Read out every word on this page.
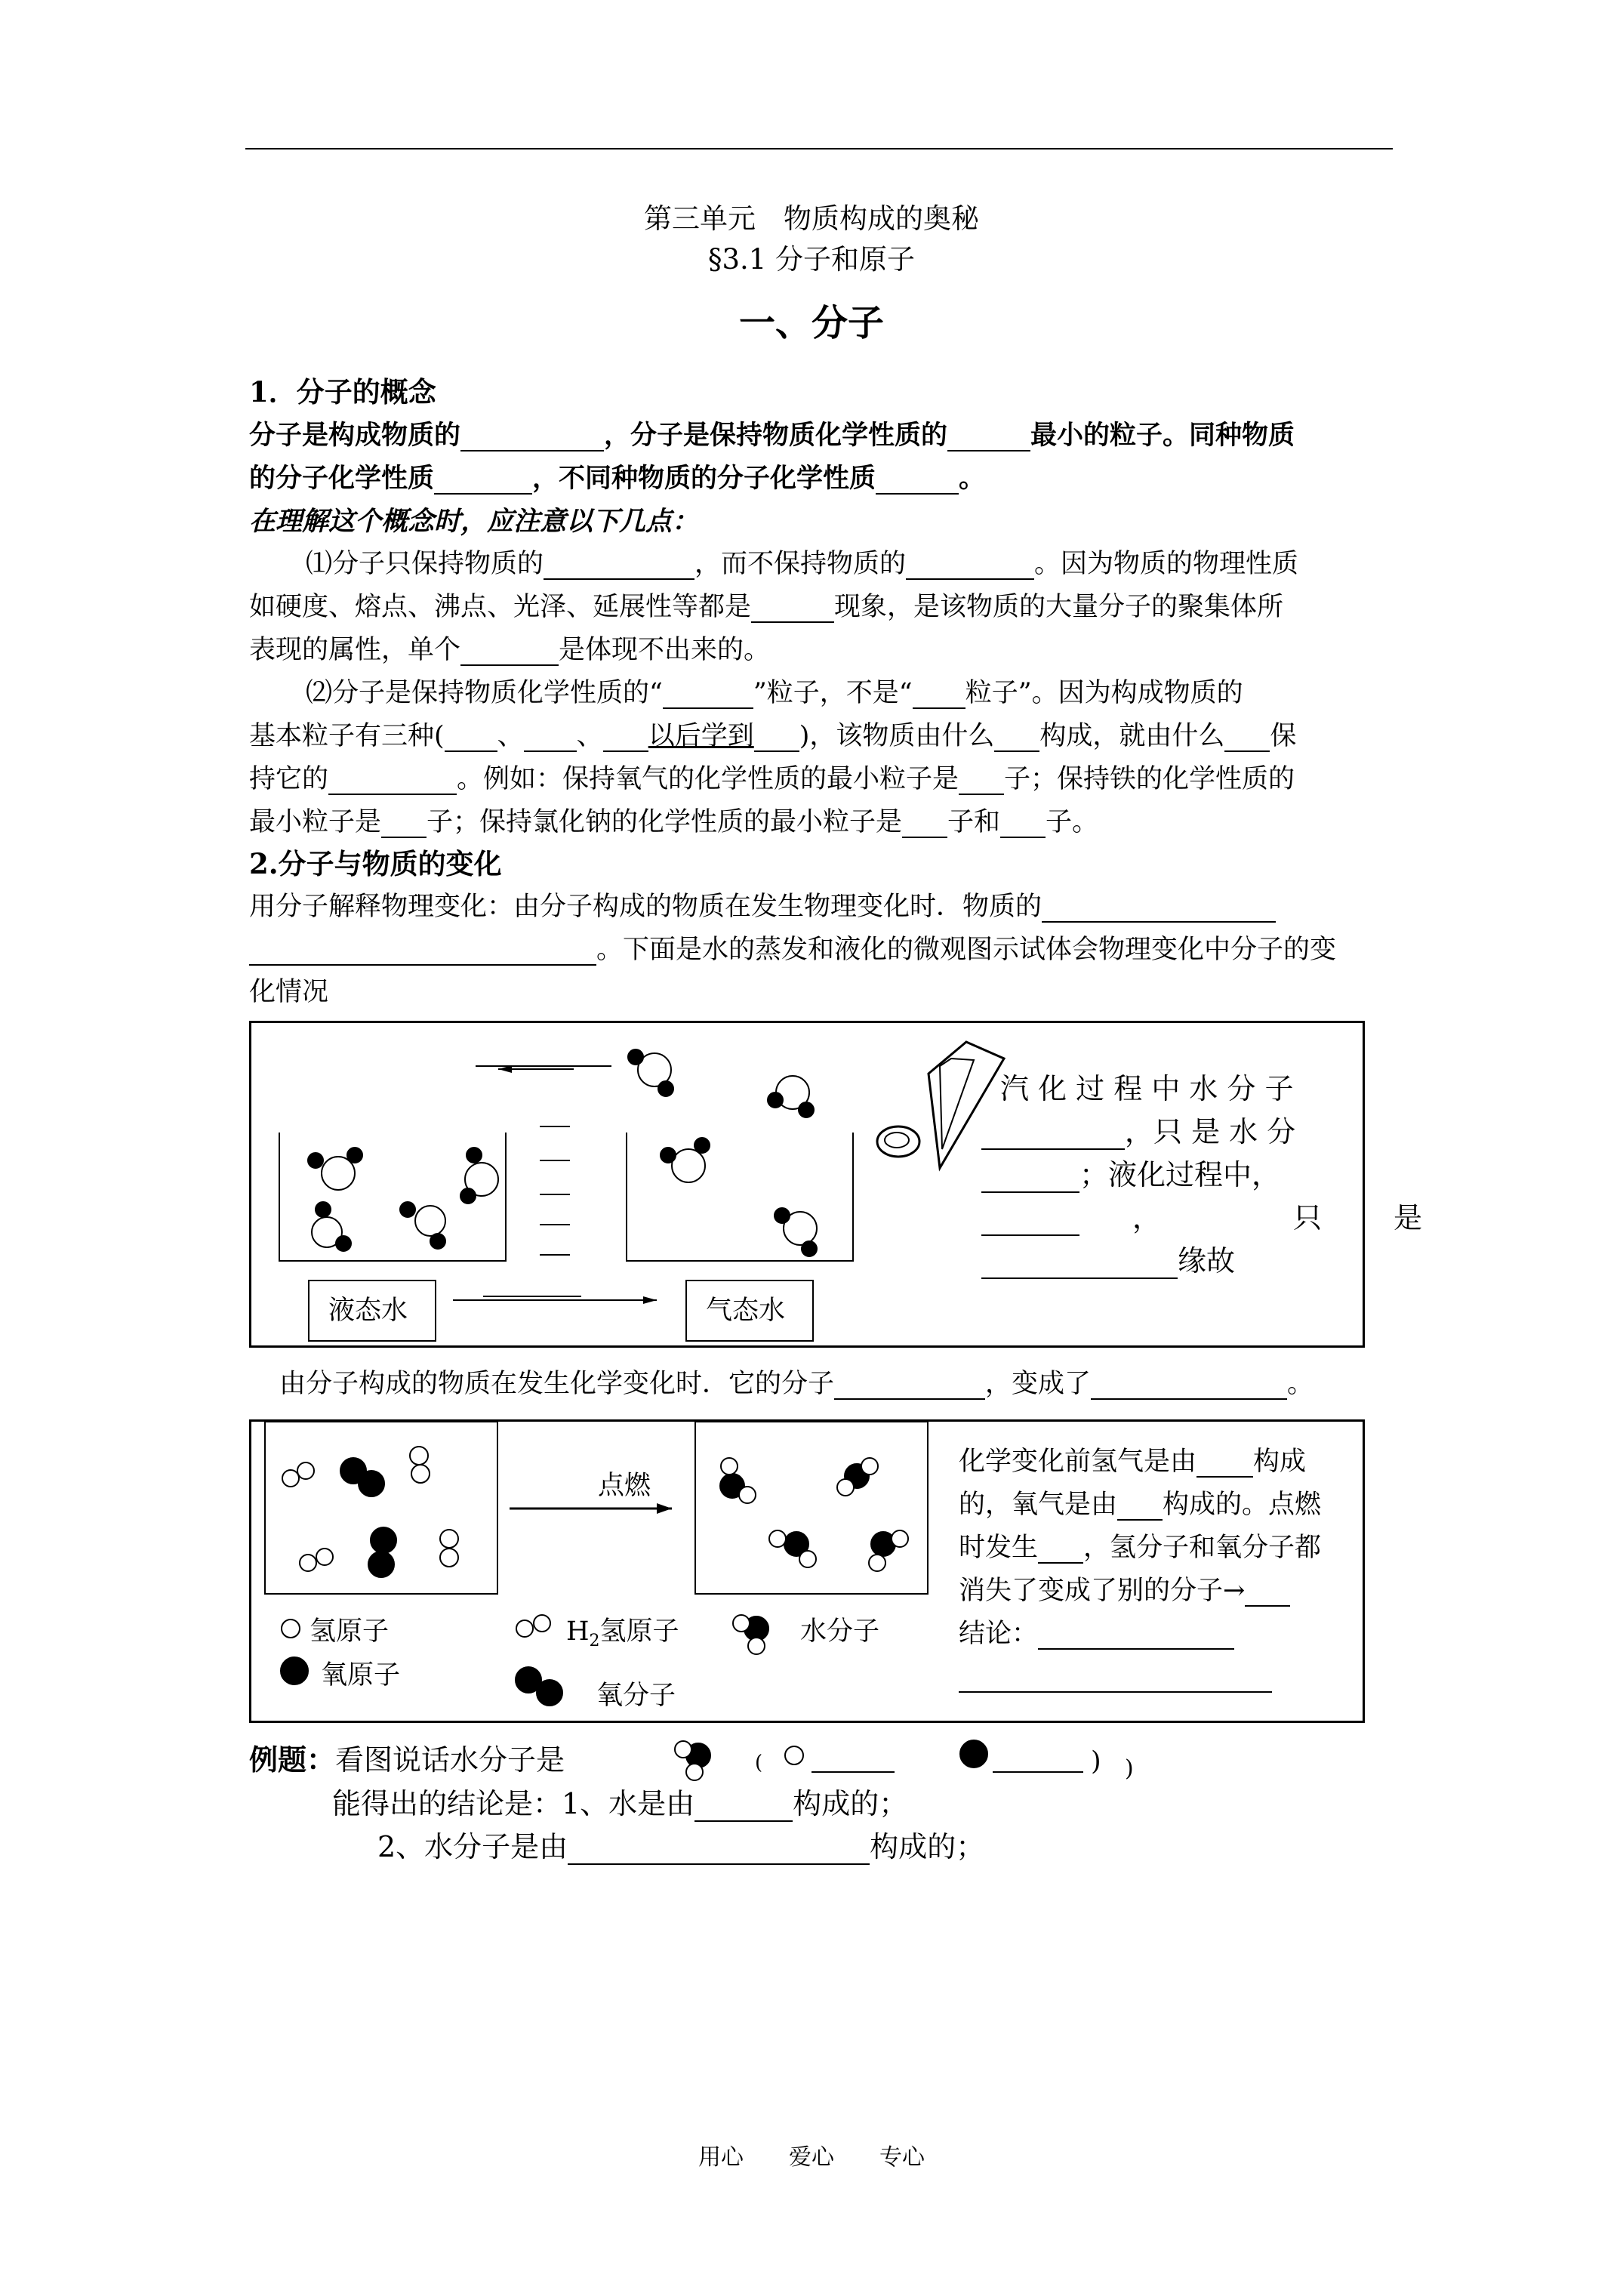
第三单元　物质构成的奥秘
§3.1 分子和原子
一、分子
1．分子的概念
分子是构成物质的	，分子是保持物质化学性质的	最小的粒子。同种物质
的分子化学性质	，不同种物质的分子化学性质	。
在理解这个概念时，应注意以下几点：
⑴分子只保持物质的	，而不保持物质的	。因为物质的物理性质
如硬度、熔点、沸点、光泽、延展性等都是	现象，是该物质的大量分子的聚集体所
表现的属性，单个	是体现不出来的。
⑵分子是保持物质化学性质的“	”粒子，不是“ 粒子”。因为构成物质的
基本粒子有三种( 、 、 以后学到 )，该物质由什么 构成，就由什么 保
持它的	。例如：保持氧气的化学性质的最小粒子是 子；保持铁的化学性质的
最小粒子是 子；保持氯化钠的化学性质的最小粒子是 子和 子。
2.分子与物质的变化
用分子解释物理变化：由分子构成的物质在发生物理变化时．物质的
。下面是水的蒸发和液化的微观图示试体会物理变化中分子的变
化情况
液态水	气态水
汽 化 过 程 中 水 分 子
，只 是 水 分
；液化过程中，
，	只	是
缘故
由分子构成的物质在发生化学变化时．它的分子	，变成了	。
点燃
氢原子
氧原子
$H_2$氢原子
氧分子
水分子
化学变化前氢气是由 构成
的，氧气是由 构成的。点燃
时发生 ，氢分子和氧分子都
消失了变成了别的分子→
结论：
例题：看图说话水分子是	(	) )
能得出的结论是：1、水是由	构成的；
2、水分子是由	构成的；
用心　　爱心　　专心
